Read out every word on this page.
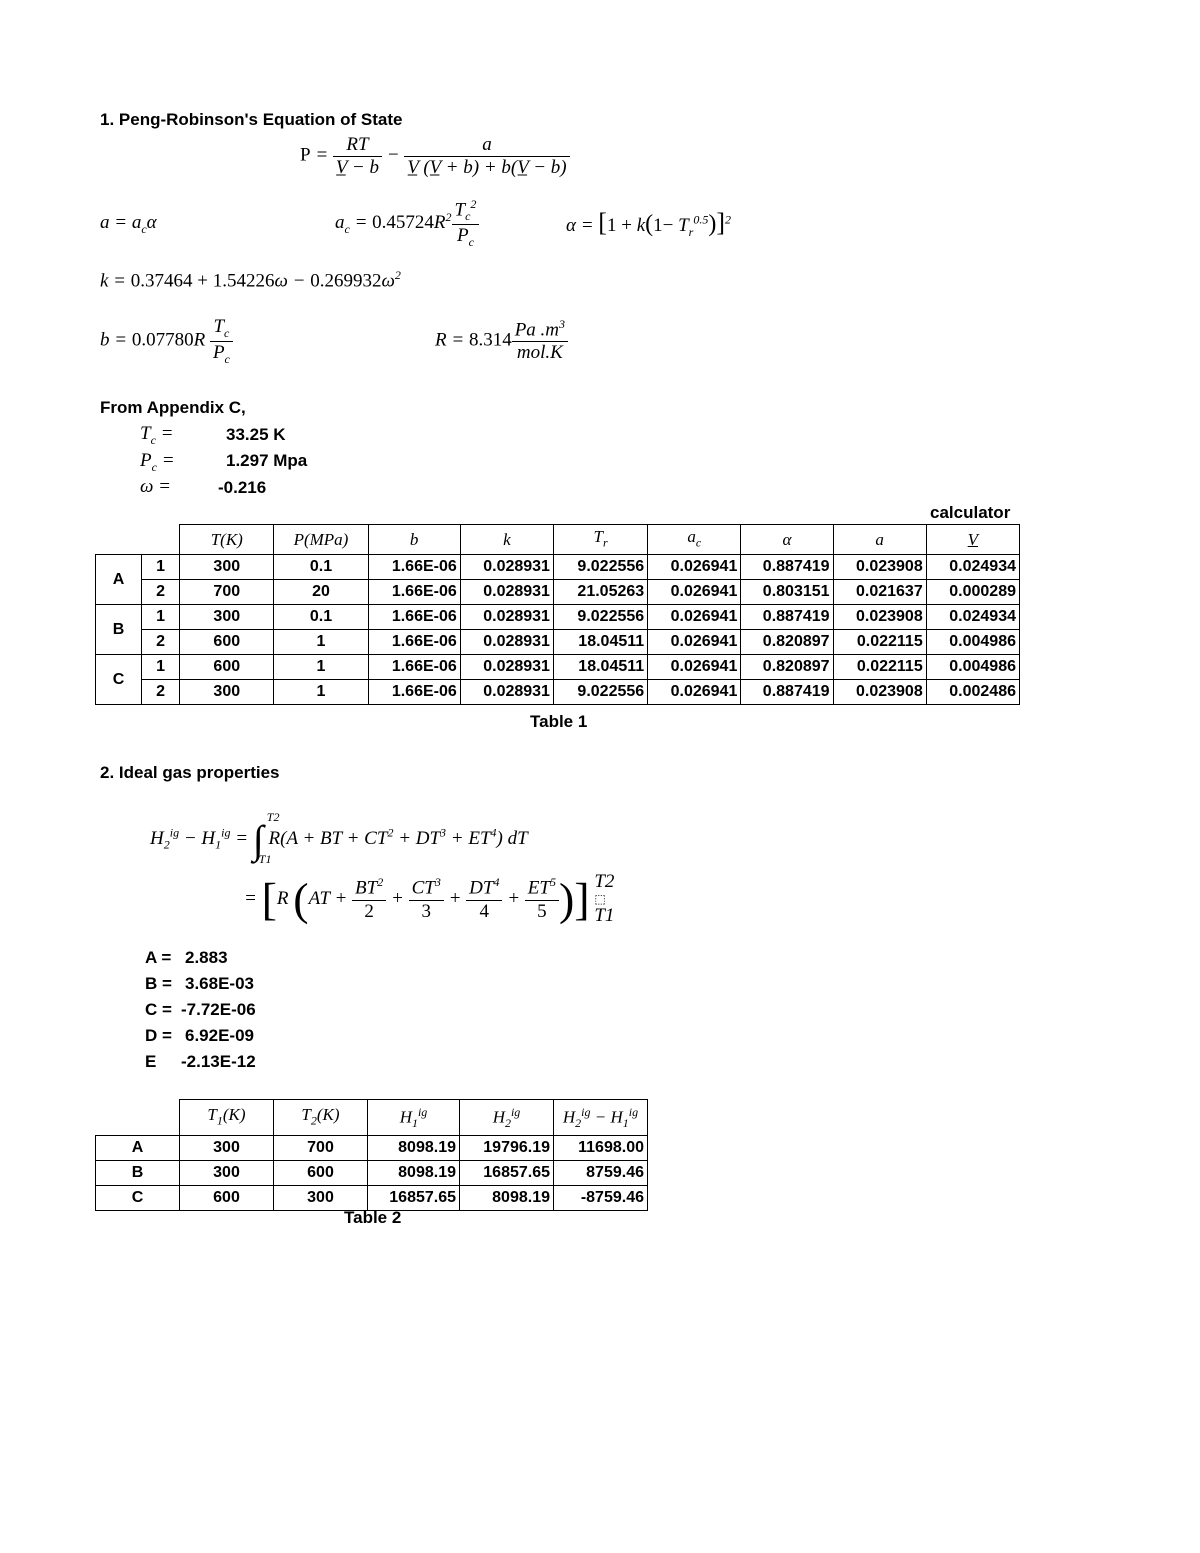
1. Peng-Robinson's Equation of State
$P = \frac{RT}{V̲ - b} - \frac{a}{V̲ (V̲ + b) + b(V̲ - b)}$
$a = a_c\alpha$	$a_c = 0.45724R^2 \frac{T_c^2}{P_c}$	$\alpha = [1 + k(1- T_r^{0.5})]^2$
$k = 0.37464 + 1.54226\omega - 0.269932\omega^2$
$b = 0.07780R \frac{T_c}{P_c}$	$R = 8.314 \frac{Pa .m^3}{\text{mol.K}}$
From Appendix C,
$T_c$ =	33.25 K
$P_c$ =	1.297 Mpa
ω =	-0.216
calculator
		T(K)	P(MPa)	b	k	$T_r$	$a_c$	α	a	V
A	1	300	0.1	1.66E-06	0.028931	9.022556	0.026941	0.887419	0.023908	0.024934
	2	700	20	1.66E-06	0.028931	21.05263	0.026941	0.803151	0.021637	0.000289
B	1	300	0.1	1.66E-06	0.028931	9.022556	0.026941	0.887419	0.023908	0.024934
	2	600	1	1.66E-06	0.028931	18.04511	0.026941	0.820897	0.022115	0.004986
C	1	600	1	1.66E-06	0.028931	18.04511	0.026941	0.820897	0.022115	0.004986
	2	300	1	1.66E-06	0.028931	9.022556	0.026941	0.887419	0.023908	0.002486
Table 1
2. Ideal gas properties
$H_2^{ig} - H_1^{ig}$ = ∫ T2
T1
R(A + BT + $CT^2 + DT^3 + ET^4$) dT
= [R ($AT + \frac{BT^2}{2} + \frac{CT^3}{3} + \frac{DT^4}{4} + \frac{ET^5}{5}$ )] T2
⬚
T1
A = 2.883
B = 3.68E-03
C = -7.72E-06
D = 6.92E-09
E -2.13E-12
	$T_1(K)$	$T_2(K)$	$H_1^{ig}$	$H_2^{ig}$	$H_2^{ig} - H_1^{ig}$
A	300	700	8098.19	19796.19	11698.00
B	300	600	8098.19	16857.65	8759.46
C	600	300	16857.65	8098.19	-8759.46
Table 2
